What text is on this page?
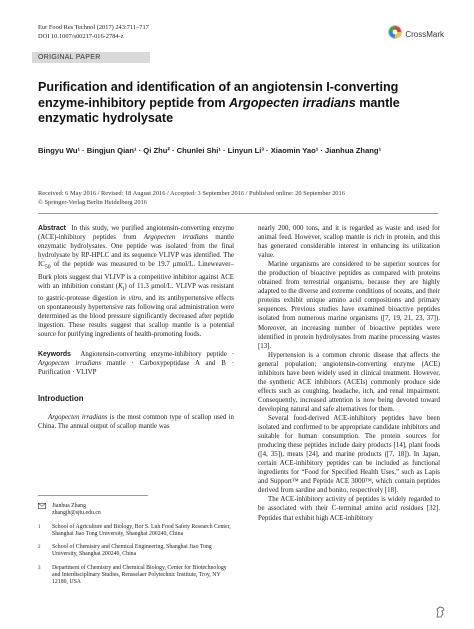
Eur Food Res Technol (2017) 243:711–717
DOI 10.1007/s00217-016-2784-z	CrossMark
ORIGINAL PAPER
Purification and identification of an angiotensin I-converting enzyme-inhibitory peptide from Argopecten irradians mantle enzymatic hydrolysate
Bingyu Wu¹ · Bingjun Qian¹ · Qi Zhu² · Chunlei Shi¹ · Linyun Li³ · Xiaomin Yao¹ · Jianhua Zhang¹
Received: 6 May 2016 / Revised: 18 August 2016 / Accepted: 3 September 2016 / Published online: 20 September 2016
© Springer-Verlag Berlin Heidelberg 2016

Abstract In this study, we purified angiotensin-converting enzyme (ACE)-inhibitory peptides from Argopecten irradians mantle enzymatic hydrolysates. One peptide was isolated from the final hydrolysate by RP-HPLC and its sequence VLIVP was identified. The $IC_{50}$ of the peptide was measured to be 19.7 μmol/L. Lineweaver–Burk plots suggest that VLIVP is a competitive inhibitor against ACE with an inhibition constant $(K_i)$ of 11.3 μmol/L. VLIVP was resistant to gastric-protease digestion in vitro, and its antihypertensive effects on spontaneously hypertensive rats following oral administration were determined as the blood pressure significantly decreased after peptide ingestion. These results suggest that scallop mantle is a potential source for purifying ingredients of health-promoting foods.

Keywords Angiotensin-converting enzyme-inhibitory peptide · Argopecten irradians mantle · Carboxypeptidase A and B · Purification · VLIVP

Introduction

Argopecten irradians is the most common type of scallop used in China. The annual output of scallop mantle was

Jianhua Zhang
zhangjh@sjtu.edu.cn
1 School of Agriculture and Biology, Bor S. Luh Food Safety Research Center, Shanghai Jiao Tong University, Shanghai 200240, China
2 School of Chemistry and Chemical Engineering, Shanghai Jiao Tong University, Shanghai 200240, China
3 Department of Chemistry and Chemical Biology, Center for Biotechnology and Interdisciplinary Studies, Rensselaer Polytechnic Institute, Troy, NY 12180, USA

nearly 200, 000 tons, and it is regarded as waste and used for animal feed. However, scallop mantle is rich in protein, and this has generated considerable interest in enhancing its utilization value.

Marine organisms are considered to be superior sources for the production of bioactive peptides as compared with proteins obtained from terrestrial organisms, because they are highly adapted to the diverse and extreme conditions of oceans, and their proteins exhibit unique amino acid compositions and primary sequences. Previous studies have examined bioactive peptides isolated from numerous marine organisms ([7, 19, 21, 23, 37]). Moreover, an increasing number of bioactive peptides were identified in protein hydrolysates from marine processing wastes [13].

Hypertension is a common chronic disease that affects the general population; angiotensin-converting enzyme (ACE) inhibitors have been widely used in clinical treatment. However, the synthetic ACE inhibitors (ACEIs) commonly produce side effects such as coughing, headache, itch, and renal impairment. Consequently, increased attention is now being devoted toward developing natural and safe alternatives for them.

Several food-derived ACE-inhibitory peptides have been isolated and confirmed to be appropriate candidate inhibitors and suitable for human consumption. The protein sources for producing these peptides include dairy products [14], plant foods ([4, 35]), meats [24], and marine products ([7, 18]). In Japan, certain ACE-inhibitory peptides can be included as functional ingredients for “Food for Specified Health Uses,” such as Lapis and Support™ and Peptide ACE 3000™, which contain peptides derived from sardine and bonito, respectively [18].

The ACE-inhibitory activity of peptides is widely regarded to be associated with their C-terminal amino acid residues [32]. Peptides that exhibit high ACE-inhibitory
